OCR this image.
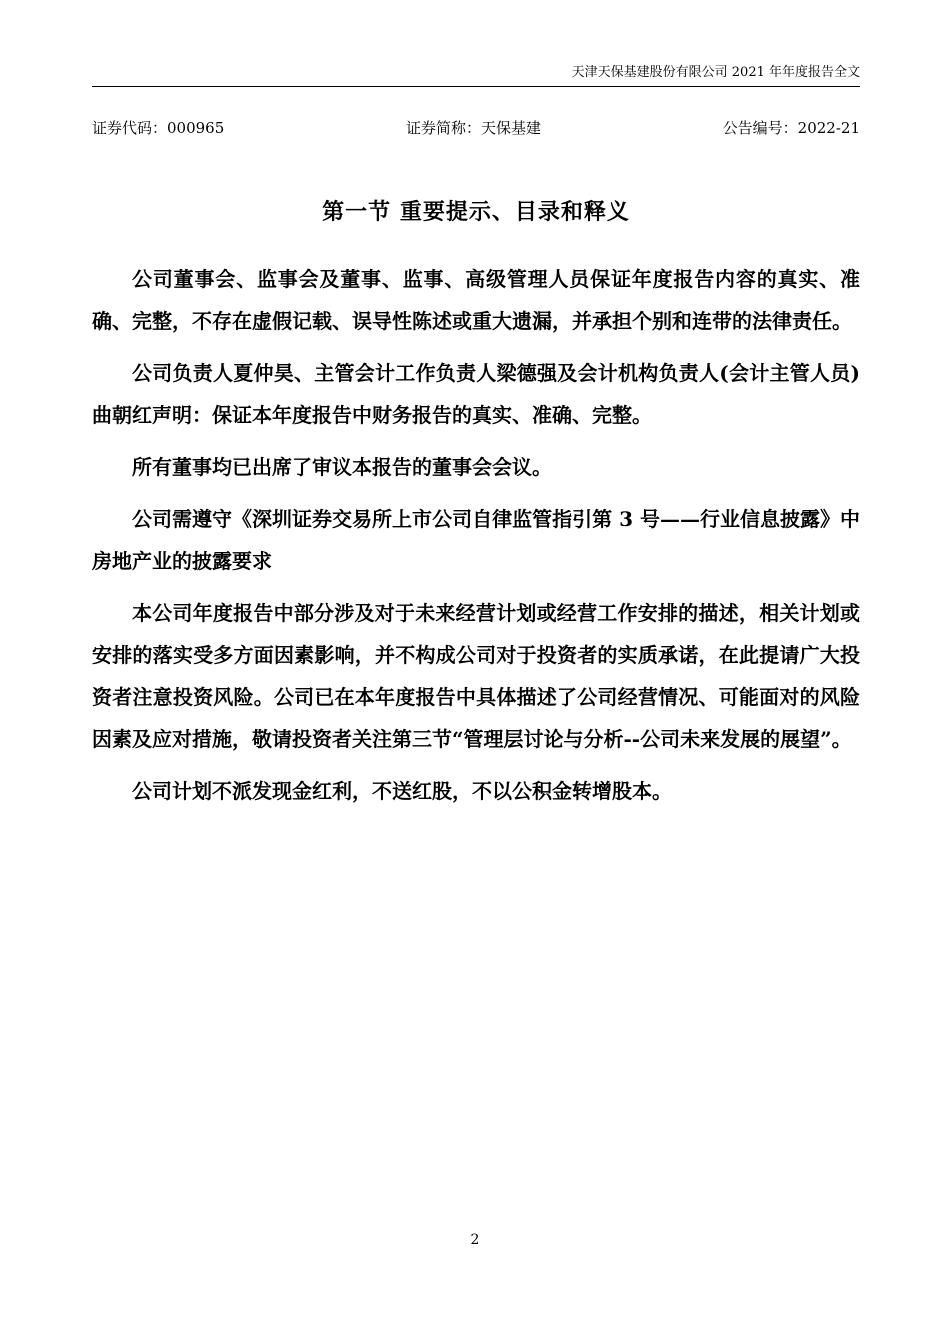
天津天保基建股份有限公司 2021 年年度报告全文
证券代码：000965	证券简称：天保基建	公告编号：2022-21
第一节 重要提示、目录和释义

公司董事会、监事会及董事、监事、高级管理人员保证年度报告内容的真实、准确、完整，不存在虚假记载、误导性陈述或重大遗漏，并承担个别和连带的法律责任。

公司负责人夏仲昊、主管会计工作负责人梁德强及会计机构负责人(会计主管人员)曲朝红声明：保证本年度报告中财务报告的真实、准确、完整。

所有董事均已出席了审议本报告的董事会会议。

公司需遵守《深圳证券交易所上市公司自律监管指引第 3 号——行业信息披露》中房地产业的披露要求

本公司年度报告中部分涉及对于未来经营计划或经营工作安排的描述，相关计划或安排的落实受多方面因素影响，并不构成公司对于投资者的实质承诺，在此提请广大投资者注意投资风险。公司已在本年度报告中具体描述了公司经营情况、可能面对的风险因素及应对措施，敬请投资者关注第三节“管理层讨论与分析--公司未来发展的展望”。

公司计划不派发现金红利，不送红股，不以公积金转增股本。

2
